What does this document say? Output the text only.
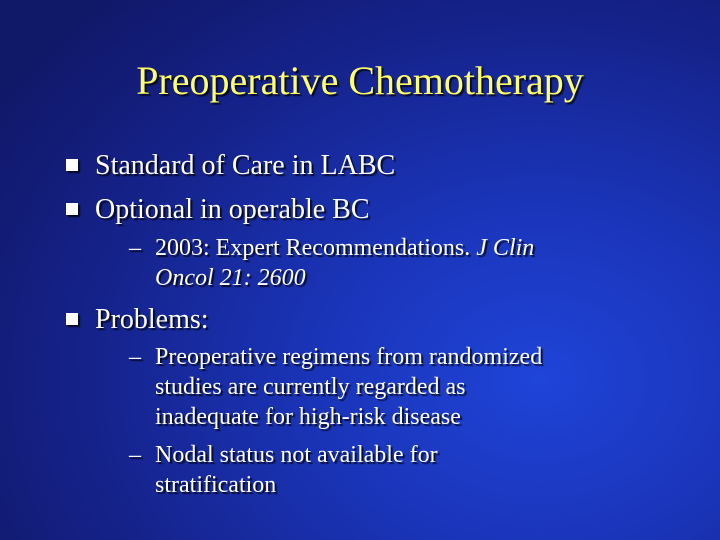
Preoperative Chemotherapy
Standard of Care in LABC
Optional in operable BC
– 2003: Expert Recommendations. J Clin
Oncol 21: 2600
Problems:
– Preoperative regimens from randomized
studies are currently regarded as
inadequate for high-risk disease
– Nodal status not available for
stratification
